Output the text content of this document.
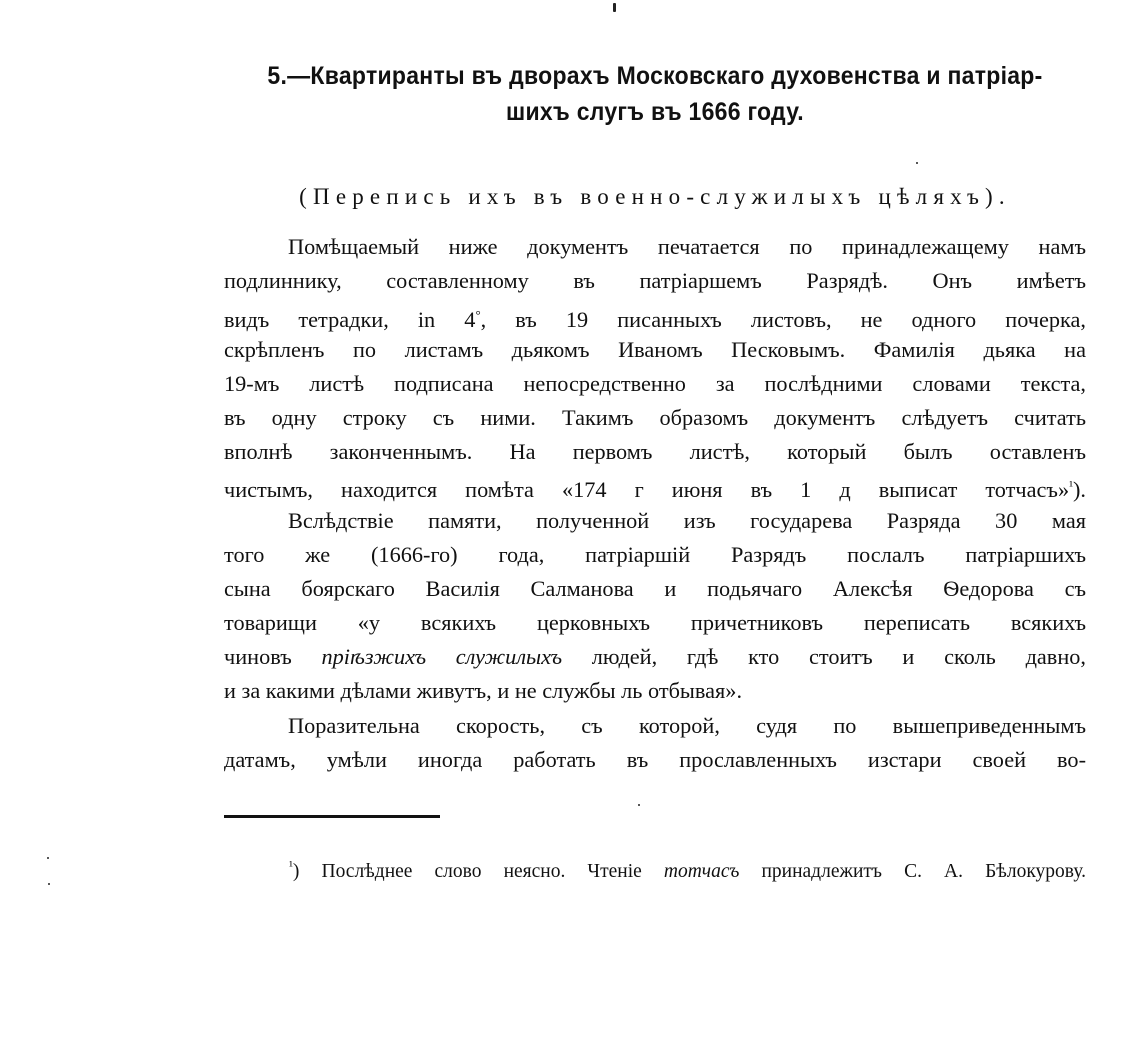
5.—Квартиранты въ дворахъ Московскаго духовенства и патріар-
шихъ слугъ въ 1666 году.
(Перепись ихъ въ военно-служилыхъ цѣляхъ).
Помѣщаемый ниже документъ печатается по принадлежащему намъ
подлиннику, составленному въ патріаршемъ Разрядѣ. Онъ имѣетъ
видъ тетрадки, in 4°, въ 19 писанныхъ листовъ, не одного почерка,
скрѣпленъ по листамъ дьякомъ Иваномъ Песковымъ. Фамилія дьяка на
19-мъ листѣ подписана непосредственно за послѣдними словами текста,
въ одну строку съ ними. Такимъ образомъ документъ слѣдуетъ считать
вполнѣ законченнымъ. На первомъ листѣ, который былъ оставленъ
чистымъ, находится помѣта «174 г июня въ 1 д выписат тотчасъ»$^{^1}$).
Вслѣдствіе памяти, полученной изъ государева Разряда 30 мая
того же (1666-го) года, патріаршій Разрядъ послалъ патріаршихъ
сына боярскаго Василія Салманова и подьячаго Алексѣя Ѳедорова съ
товарищи «у всякихъ церковныхъ причетниковъ переписать всякихъ
чиновъ пріѣзжихъ служилыхъ людей, гдѣ кто стоитъ и сколь давно,
и за какими дѣлами живутъ, и не службы ль отбывая».
Поразительна скорость, съ которой, судя по вышеприведеннымъ
датамъ, умѣли иногда работать въ прославленныхъ изстари своей во-
$^{^1}$) Послѣднее слово неясно. Чтеніе тотчасъ принадлежитъ С. А. Бѣлокурову.
